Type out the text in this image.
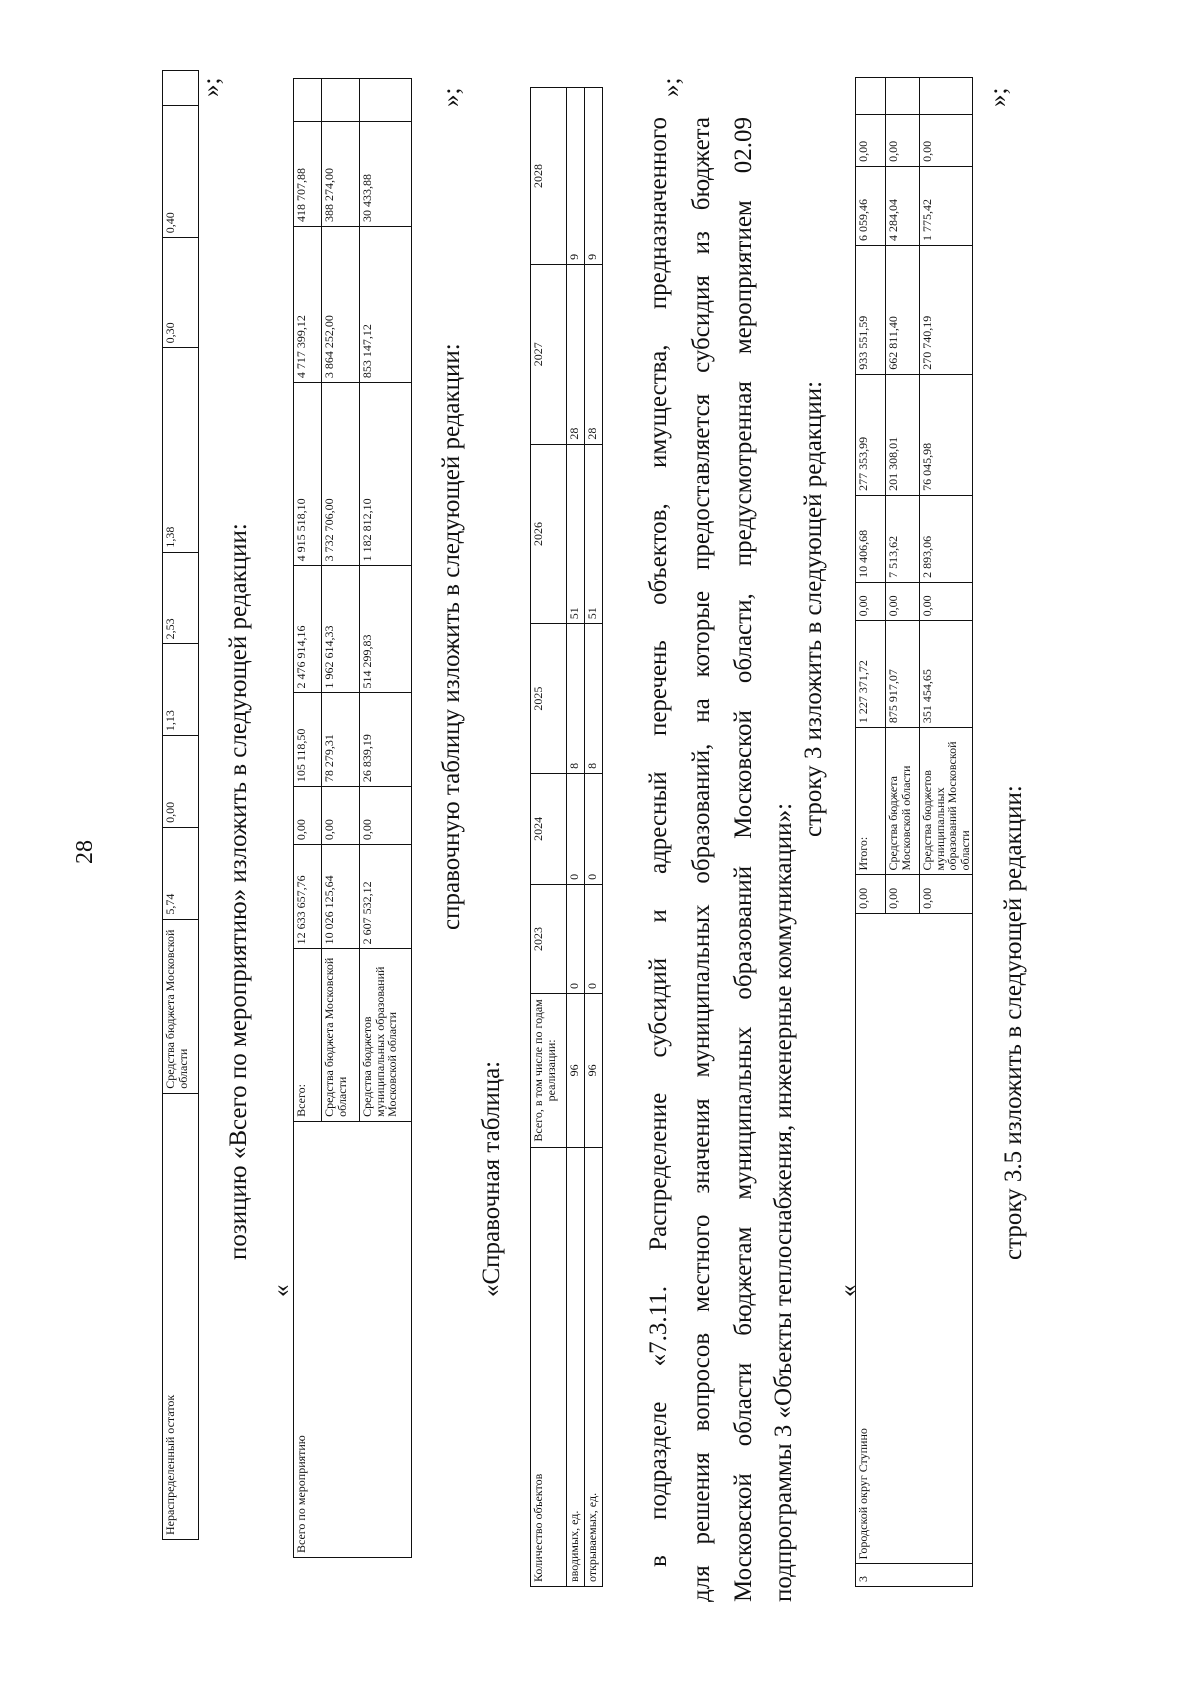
28
Нераспределенный остаток	Средства бюджета Московской области	5,74	0,00	1,13	2,53	1,38	0,30	0,40	
»;
позицию «Всего по мероприятию» изложить в следующей редакции:
«
Всего по мероприятию	Всего:	12 633 657,76	0,00	105 118,50	2 476 914,16	4 915 518,10	4 717 399,12	418 707,88	
	Средства бюджета Московской области	10 026 125,64	0,00	78 279,31	1 962 614,33	3 732 706,00	3 864 252,00	388 274,00	
	Средства бюджетов муниципальных образований Московской области	2 607 532,12	0,00	26 839,19	514 299,83	1 182 812,10	853 147,12	30 433,88	
»;
справочную таблицу изложить в следующей редакции:
«Справочная таблица:
Количество объектов	Всего, в том числе по годам реализации:	2023	2024	2025	2026	2027	2028
вводимых, ед.	96	0	0	8	51	28	9
открываемых, ед.	96	0	0	8	51	28	9
»;
в подразделе «7.3.11. Распределение субсидий и адресный перечень объектов, имущества, предназначенного для решения вопросов местного значения муниципальных образований, на которые предоставляется субсидия из бюджета Московской области бюджетам муниципальных образований Московской области, предусмотренная мероприятием 02.09 подпрограммы 3 «Объекты теплоснабжения, инженерные коммуникации»:
строку 3 изложить в следующей редакции:
«
3	Городской округ Ступино	0,00	Итого:	1 227 371,72	0,00	10 406,68	277 353,99	933 551,59	6 059,46	0,00	
		0,00	Средства бюджета Московской области	875 917,07	0,00	7 513,62	201 308,01	662 811,40	4 284,04	0,00	
		0,00	Средства бюджетов муниципальных образований Московской области	351 454,65	0,00	2 893,06	76 045,98	270 740,19	1 775,42	0,00	
»;
строку 3.5 изложить в следующей редакции:
